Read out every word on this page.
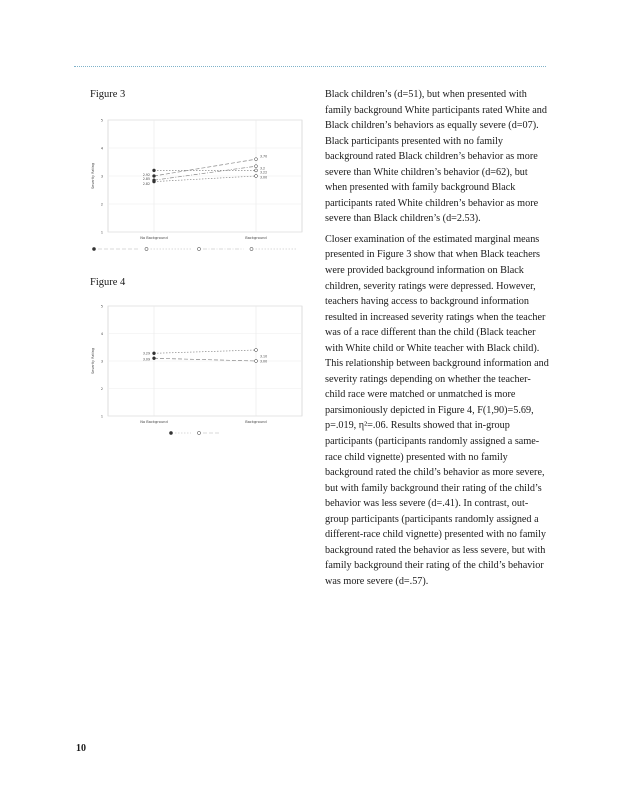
Figure 3
1
2
3
4
5
Severity Rating
No Background	Background
2.92
2.85
2.82
3.70
3.2
3.22
3.00
Figure 4
1
2
3
4
5
Severity Rating
No Background	Background
3.29
3.09
3.10
3.00

Black children’s (d=51), but when presented with family background White participants rated White and Black children’s behaviors as equally severe (d=07). Black participants presented with no family background rated Black children’s behavior as more severe than White children’s behavior (d=62), but when presented with family background Black participants rated White children’s behavior as more severe than Black children’s (d=2.53).

Closer examination of the estimated marginal means presented in Figure 3 show that when Black teachers were provided background information on Black children, severity ratings were depressed. However, teachers having access to background information resulted in increased severity ratings when the teacher was of a race different than the child (Black teacher with White child or White teacher with Black child). This relationship between background information and severity ratings depending on whether the teacher-child race were matched or unmatched is more parsimoniously depicted in Figure 4, F(1,90)=5.69, p=.019, η²=.06. Results showed that in-group participants (participants randomly assigned a same-race child vignette) presented with no family background rated the child’s behavior as more severe, but with family background their rating of the child’s behavior was less severe (d=.41). In contrast, out-group participants (participants randomly assigned a different-race child vignette) presented with no family background rated the behavior as less severe, but with family background their rating of the child’s behavior was more severe (d=.57).

10
